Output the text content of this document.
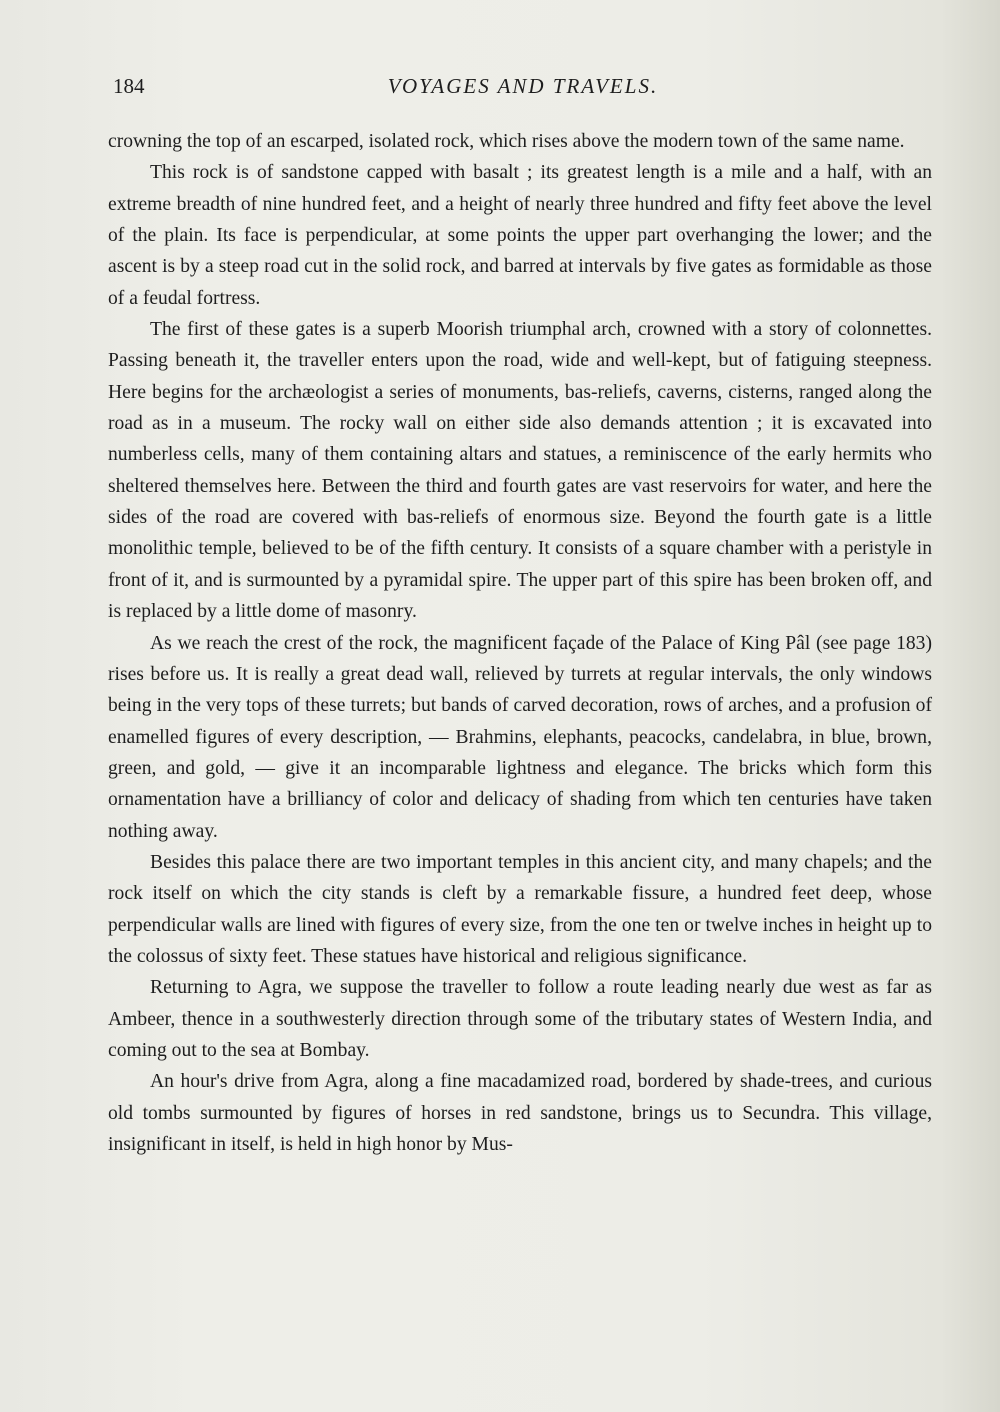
184	VOYAGES AND TRAVELS.

crowning the top of an escarped, isolated rock, which rises above the modern town of the same name.

This rock is of sandstone capped with basalt ; its greatest length is a mile and a half, with an extreme breadth of nine hundred feet, and a height of nearly three hundred and fifty feet above the level of the plain. Its face is perpendicular, at some points the upper part overhanging the lower; and the ascent is by a steep road cut in the solid rock, and barred at intervals by five gates as formidable as those of a feudal fortress.

The first of these gates is a superb Moorish triumphal arch, crowned with a story of colonnettes. Passing beneath it, the traveller enters upon the road, wide and well-kept, but of fatiguing steepness. Here begins for the archæologist a series of monuments, bas-reliefs, caverns, cisterns, ranged along the road as in a museum. The rocky wall on either side also demands attention ; it is excavated into numberless cells, many of them containing altars and statues, a reminiscence of the early hermits who sheltered themselves here. Between the third and fourth gates are vast reservoirs for water, and here the sides of the road are covered with bas-reliefs of enormous size. Beyond the fourth gate is a little monolithic temple, believed to be of the fifth century. It consists of a square chamber with a peristyle in front of it, and is surmounted by a pyramidal spire. The upper part of this spire has been broken off, and is replaced by a little dome of masonry.

As we reach the crest of the rock, the magnificent façade of the Palace of King Pâl (see page 183) rises before us. It is really a great dead wall, relieved by turrets at regular intervals, the only windows being in the very tops of these turrets; but bands of carved decoration, rows of arches, and a profusion of enamelled figures of every description, — Brahmins, elephants, peacocks, candelabra, in blue, brown, green, and gold, — give it an incomparable lightness and elegance. The bricks which form this ornamentation have a brilliancy of color and delicacy of shading from which ten centuries have taken nothing away.

Besides this palace there are two important temples in this ancient city, and many chapels; and the rock itself on which the city stands is cleft by a remarkable fissure, a hundred feet deep, whose perpendicular walls are lined with figures of every size, from the one ten or twelve inches in height up to the colossus of sixty feet. These statues have historical and religious significance.

Returning to Agra, we suppose the traveller to follow a route leading nearly due west as far as Ambeer, thence in a southwesterly direction through some of the tributary states of Western India, and coming out to the sea at Bombay.

An hour's drive from Agra, along a fine macadamized road, bordered by shade-trees, and curious old tombs surmounted by figures of horses in red sandstone, brings us to Secundra. This village, insignificant in itself, is held in high honor by Mus-
